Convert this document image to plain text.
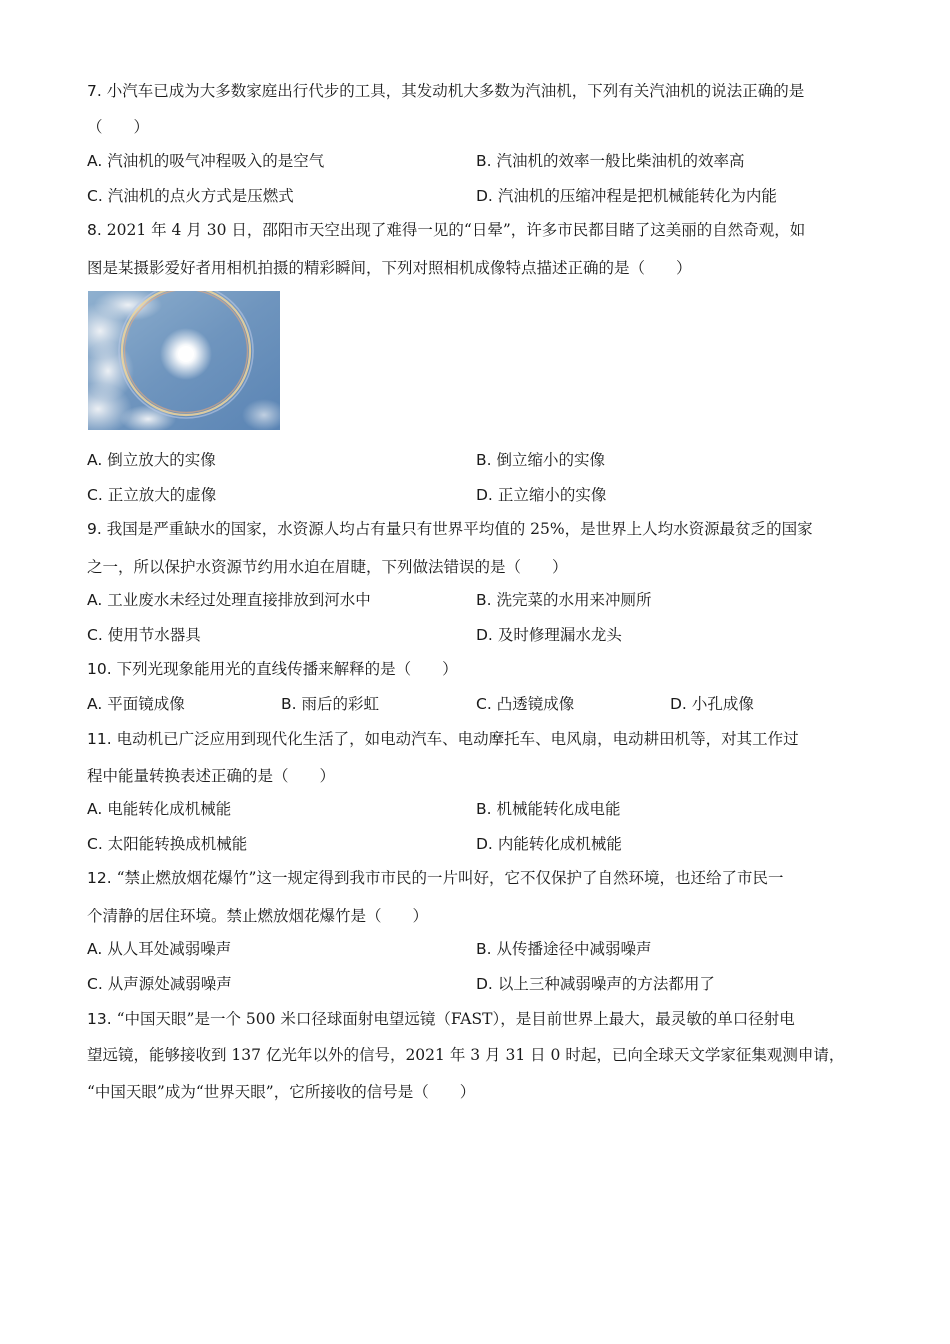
7. 小汽车已成为大多数家庭出行代步的工具，其发动机大多数为汽油机，下列有关汽油机的说法正确的是
（　　）
A. 汽油机的吸气冲程吸入的是空气	B. 汽油机的效率一般比柴油机的效率高
C. 汽油机的点火方式是压燃式	D. 汽油机的压缩冲程是把机械能转化为内能
8. 2021 年 4 月 30 日，邵阳市天空出现了难得一见的“日晕”，许多市民都目睹了这美丽的自然奇观，如
图是某摄影爱好者用相机拍摄的精彩瞬间，下列对照相机成像特点描述正确的是（　　）
A. 倒立放大的实像	B. 倒立缩小的实像
C. 正立放大的虚像	D. 正立缩小的实像
9. 我国是严重缺水的国家，水资源人均占有量只有世界平均值的 25%，是世界上人均水资源最贫乏的国家
之一，所以保护水资源节约用水迫在眉睫，下列做法错误的是（　　）
A. 工业废水未经过处理直接排放到河水中	B. 洗完菜的水用来冲厕所
C. 使用节水器具	D. 及时修理漏水龙头
10. 下列光现象能用光的直线传播来解释的是（　　）
A. 平面镜成像	B. 雨后的彩虹	C. 凸透镜成像	D. 小孔成像
11. 电动机已广泛应用到现代化生活了，如电动汽车、电动摩托车、电风扇，电动耕田机等，对其工作过
程中能量转换表述正确的是（　　）
A. 电能转化成机械能	B. 机械能转化成电能
C. 太阳能转换成机械能	D. 内能转化成机械能
12. “禁止燃放烟花爆竹”这一规定得到我市市民的一片叫好，它不仅保护了自然环境，也还给了市民一
个清静的居住环境。禁止燃放烟花爆竹是（　　）
A. 从人耳处减弱噪声	B. 从传播途径中减弱噪声
C. 从声源处减弱噪声	D. 以上三种减弱噪声的方法都用了
13. “中国天眼”是一个 500 米口径球面射电望远镜（FAST），是目前世界上最大，最灵敏的单口径射电
望远镜，能够接收到 137 亿光年以外的信号，2021 年 3 月 31 日 0 时起，已向全球天文学家征集观测申请，
“中国天眼”成为“世界天眼”，它所接收的信号是（　　）
